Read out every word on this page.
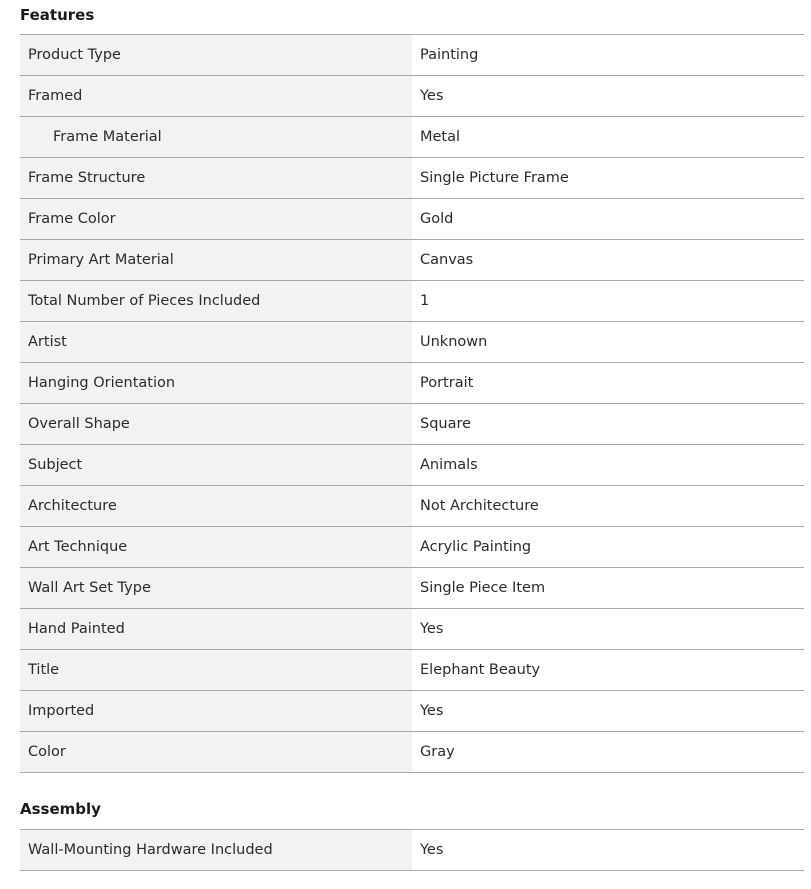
Features
Product Type	Painting
Framed	Yes
Frame Material	Metal
Frame Structure	Single Picture Frame
Frame Color	Gold
Primary Art Material	Canvas
Total Number of Pieces Included	1
Artist	Unknown
Hanging Orientation	Portrait
Overall Shape	Square
Subject	Animals
Architecture	Not Architecture
Art Technique	Acrylic Painting
Wall Art Set Type	Single Piece Item
Hand Painted	Yes
Title	Elephant Beauty
Imported	Yes
Color	Gray
Assembly
Wall-Mounting Hardware Included	Yes
